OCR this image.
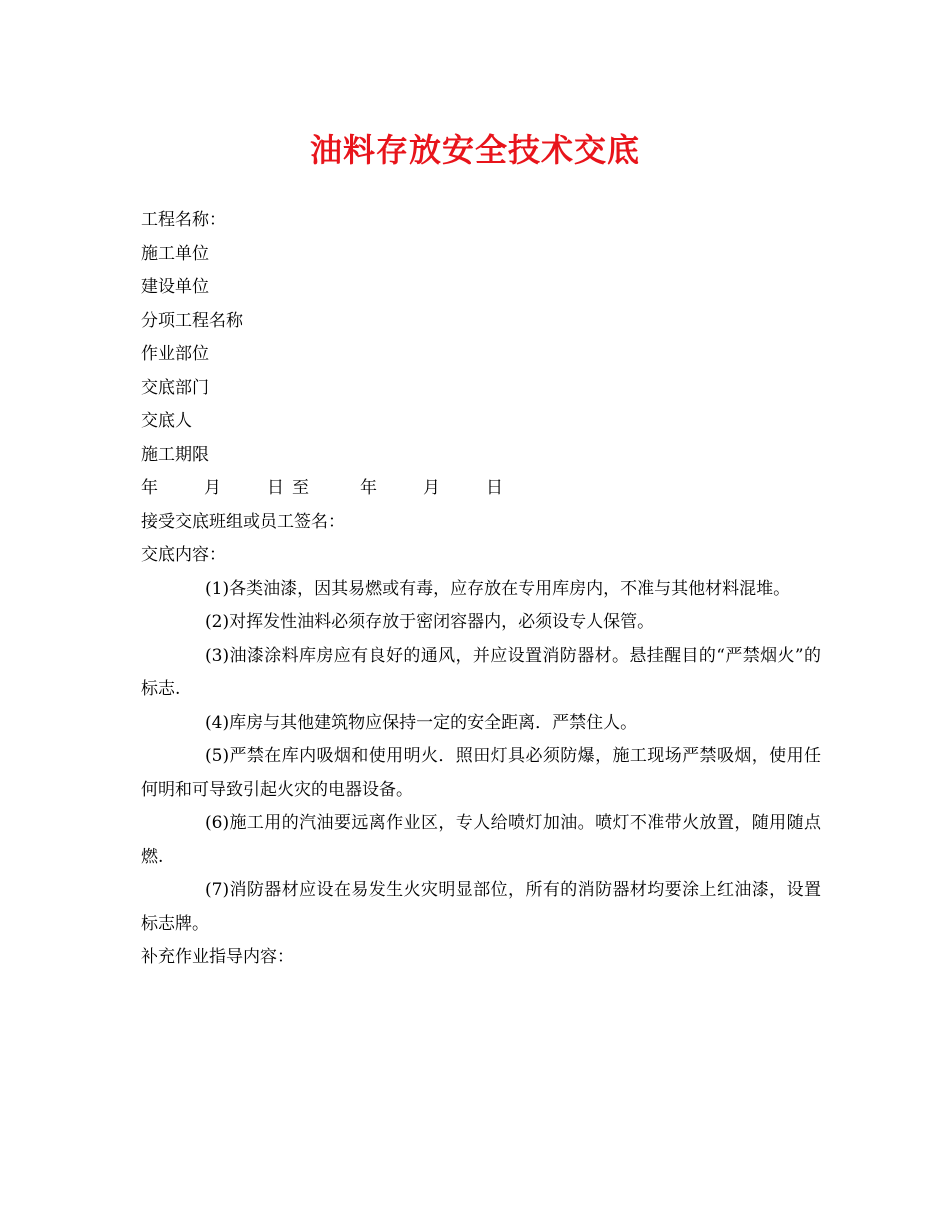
油料存放安全技术交底
工程名称：
施工单位
建设单位
分项工程名称
作业部位
交底部门
交底人
施工期限
年	月	日 至	年	月	日
接受交底班组或员工签名：
交底内容：

(1)各类油漆，因其易燃或有毒，应存放在专用库房内，不准与其他材料混堆。

(2)对挥发性油料必须存放于密闭容器内，必须设专人保管。

(3)油漆涂料库房应有良好的通风，并应设置消防器材。悬挂醒目的“严禁烟火”的标志.

(4)库房与其他建筑物应保持一定的安全距离．严禁住人。

(5)严禁在库内吸烟和使用明火．照田灯具必须防爆，施工现场严禁吸烟，使用任何明和可导致引起火灾的电器设备。

(6)施工用的汽油要远离作业区，专人给喷灯加油。喷灯不准带火放置，随用随点燃.

(7)消防器材应设在易发生火灾明显部位，所有的消防器材均要涂上红油漆，设置标志牌。

补充作业指导内容：
